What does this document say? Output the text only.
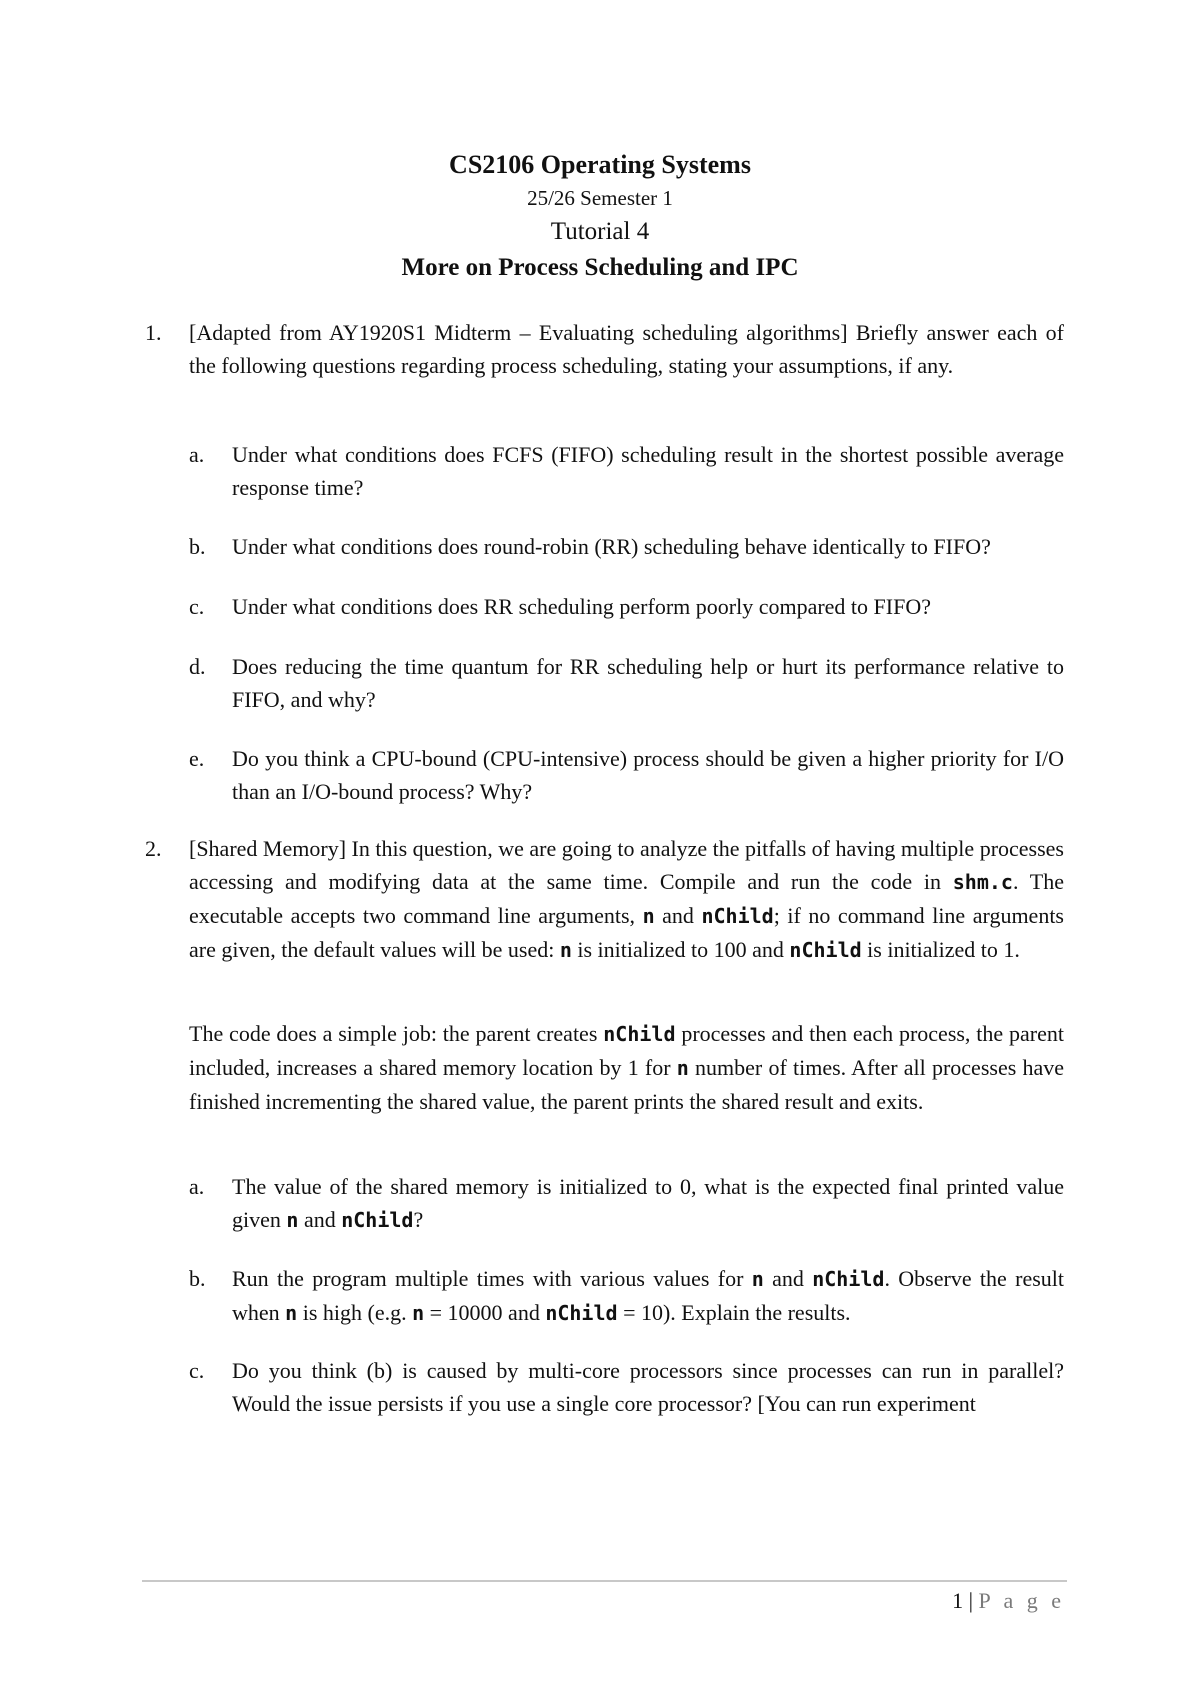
CS2106 Operating Systems
25/26 Semester 1
Tutorial 4
More on Process Scheduling and IPC
1. [Adapted from AY1920S1 Midterm – Evaluating scheduling algorithms] Briefly answer each of the following questions regarding process scheduling, stating your assumptions, if any.
a. Under what conditions does FCFS (FIFO) scheduling result in the shortest possible average response time?
b. Under what conditions does round-robin (RR) scheduling behave identically to FIFO?
c. Under what conditions does RR scheduling perform poorly compared to FIFO?
d. Does reducing the time quantum for RR scheduling help or hurt its performance relative to FIFO, and why?
e. Do you think a CPU-bound (CPU-intensive) process should be given a higher priority for I/O than an I/O-bound process? Why?
2. [Shared Memory] In this question, we are going to analyze the pitfalls of having multiple processes accessing and modifying data at the same time. Compile and run the code in shm.c. The executable accepts two command line arguments, n and nChild; if no command line arguments are given, the default values will be used: n is initialized to 100 and nChild is initialized to 1.
The code does a simple job: the parent creates nChild processes and then each process, the parent included, increases a shared memory location by 1 for n number of times. After all processes have finished incrementing the shared value, the parent prints the shared result and exits.
a. The value of the shared memory is initialized to 0, what is the expected final printed value given n and nChild?
b. Run the program multiple times with various values for n and nChild. Observe the result when n is high (e.g. n = 10000 and nChild = 10). Explain the results.
c. Do you think (b) is caused by multi-core processors since processes can run in parallel? Would the issue persists if you use a single core processor? [You can run experiment
1 | P a g e
